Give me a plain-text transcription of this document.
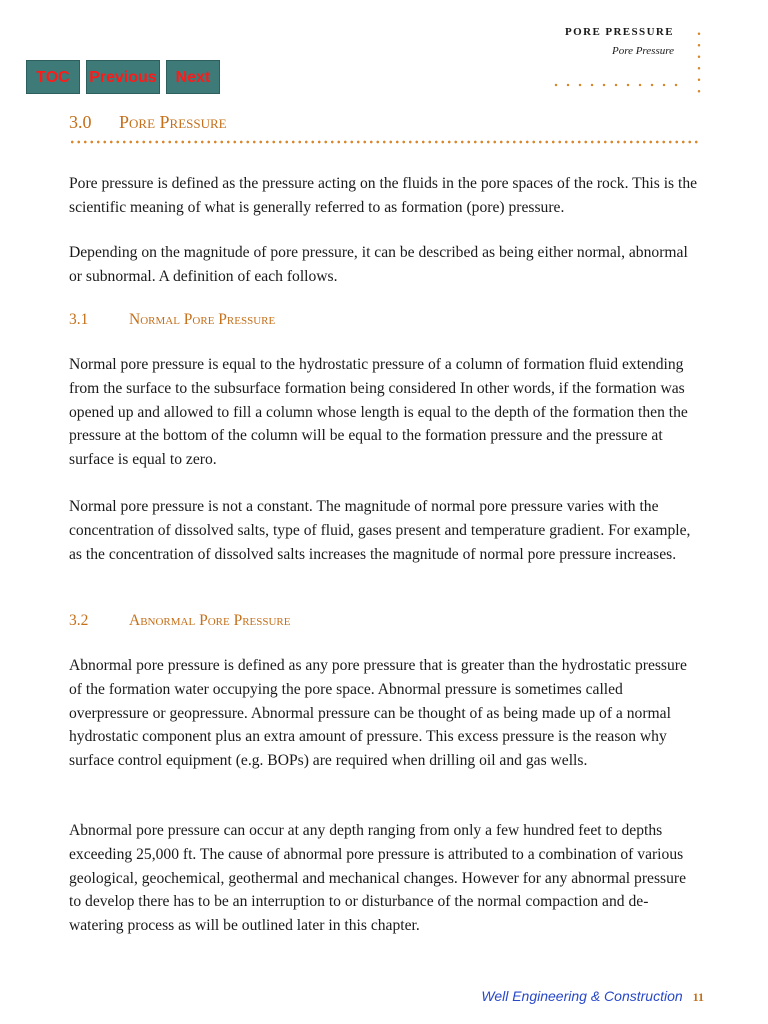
PORE PRESSURE
Pore Pressure
TOC	Previous	Next
3.0	Pore Pressure

Pore pressure is defined as the pressure acting on the fluids in the pore spaces of the rock. This is the scientific meaning of what is generally referred to as formation (pore) pressure.

Depending on the magnitude of pore pressure, it can be described as being either normal, abnormal or subnormal. A definition of each follows.

3.1	Normal Pore Pressure

Normal pore pressure is equal to the hydrostatic pressure of a column of formation fluid extending from the surface to the subsurface formation being considered In other words, if the formation was opened up and allowed to fill a column whose length is equal to the depth of the formation then the pressure at the bottom of the column will be equal to the formation pressure and the pressure at surface is equal to zero.

Normal pore pressure is not a constant. The magnitude of normal pore pressure varies with the concentration of dissolved salts, type of fluid, gases present and temperature gradient. For example, as the concentration of dissolved salts increases the magnitude of normal pore pressure increases.

3.2	Abnormal Pore Pressure

Abnormal pore pressure is defined as any pore pressure that is greater than the hydrostatic pressure of the formation water occupying the pore space. Abnormal pressure is sometimes called overpressure or geopressure. Abnormal pressure can be thought of as being made up of a normal hydrostatic component plus an extra amount of pressure. This excess pressure is the reason why surface control equipment (e.g. BOPs) are required when drilling oil and gas wells.

Abnormal pore pressure can occur at any depth ranging from only a few hundred feet to depths exceeding 25,000 ft. The cause of abnormal pore pressure is attributed to a combination of various geological, geochemical, geothermal and mechanical changes. However for any abnormal pressure to develop there has to be an interruption to or disturbance of the normal compaction and de-watering process as will be outlined later in this chapter.

Well Engineering & Construction 11
